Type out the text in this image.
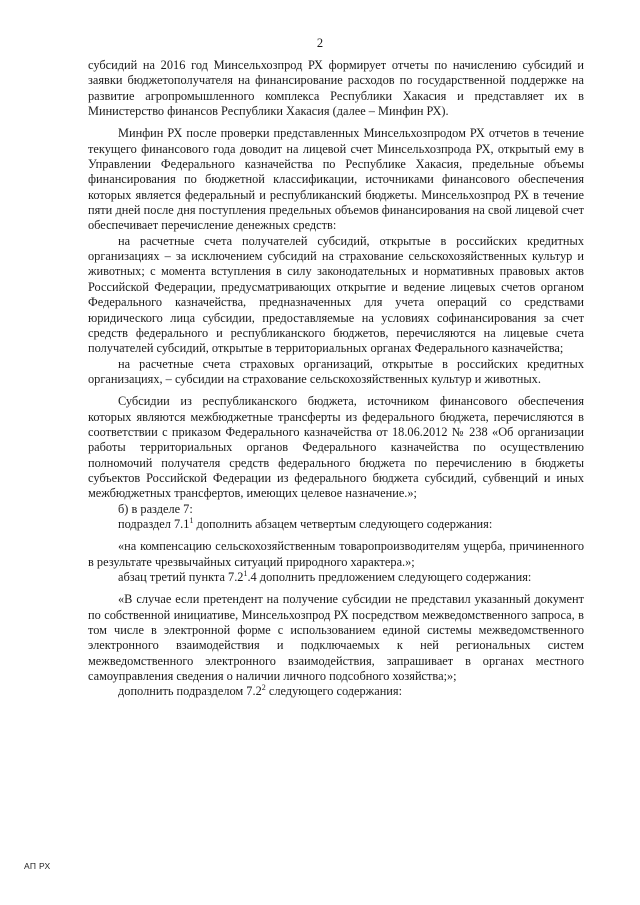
2

субсидий на 2016 год Минсельхозпрод РХ формирует отчеты по начислению субсидий и заявки бюджетополучателя на финансирование расходов по государственной поддержке на развитие агропромышленного комплекса Республики Хакасия и представляет их в Министерство финансов Республики Хакасия (далее – Минфин РХ).

Минфин РХ после проверки представленных Минсельхозпродом РХ отчетов в течение текущего финансового года доводит на лицевой счет Минсельхозпрода РХ, открытый ему в Управлении Федерального казначейства по Республике Хакасия, предельные объемы финансирования по бюджетной классификации, источниками финансового обеспечения которых является федеральный и республиканский бюджеты. Минсельхозпрод РХ в течение пяти дней после дня поступления предельных объемов финансирования на свой лицевой счет обеспечивает перечисление денежных средств:

на расчетные счета получателей субсидий, открытые в российских кредитных организациях – за исключением субсидий на страхование сельскохозяйственных культур и животных; с момента вступления в силу законодательных и нормативных правовых актов Российской Федерации, предусматривающих открытие и ведение лицевых счетов органом Федерального казначейства, предназначенных для учета операций со средствами юридического лица субсидии, предоставляемые на условиях софинансирования за счет средств федерального и республиканского бюджетов, перечисляются на лицевые счета получателей субсидий, открытые в территориальных органах Федерального казначейства;

на расчетные счета страховых организаций, открытые в российских кредитных организациях, – субсидии на страхование сельскохозяйственных культур и животных.

Субсидии из республиканского бюджета, источником финансового обеспечения которых являются межбюджетные трансферты из федерального бюджета, перечисляются в соответствии с приказом Федерального казначейства от 18.06.2012 № 238 «Об организации работы территориальных органов Федерального казначейства по осуществлению полномочий получателя средств федерального бюджета по перечислению в бюджеты субъектов Российской Федерации из федерального бюджета субсидий, субвенций и иных межбюджетных трансфертов, имеющих целевое назначение.»;

б) в разделе 7:

подраздел $7.1^1$ дополнить абзацем четвертым следующего содержания:

«на компенсацию сельскохозяйственным товаропроизводителям ущерба, причиненного в результате чрезвычайных ситуаций природного характера.»;

абзац третий пункта $7.2^1.4$ дополнить предложением следующего содержания:

«В случае если претендент на получение субсидии не представил указанный документ по собственной инициативе, Минсельхозпрод РХ посредством межведомственного запроса, в том числе в электронной форме с использованием единой системы межведомственного электронного взаимодействия и подключаемых к ней региональных систем межведомственного электронного взаимодействия, запрашивает в органах местного самоуправления сведения о наличии личного подсобного хозяйства;»;

дополнить подразделом $7.2^2$ следующего содержания:

АП РХ
